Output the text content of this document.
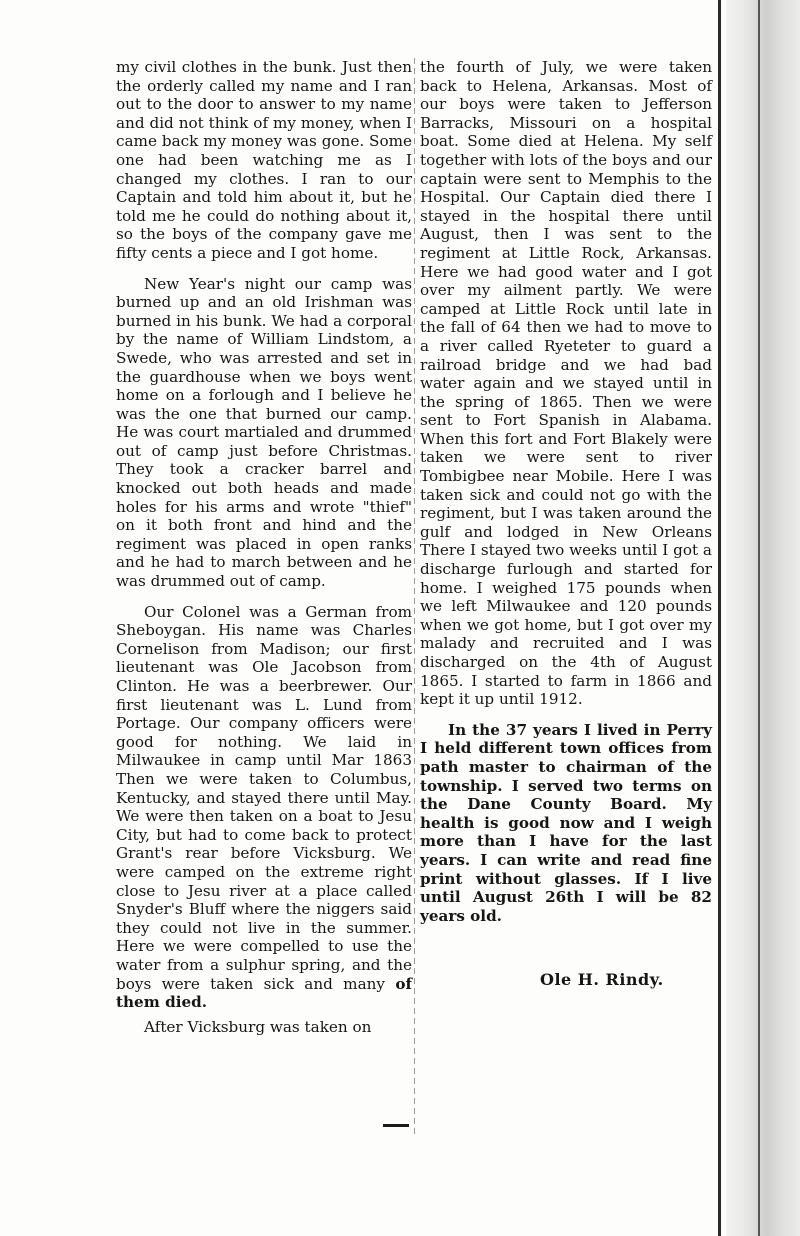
my civil clothes in the bunk. Just then the orderly called my name and I ran out to the door to answer to my name and did not think of my money, when I came back my money was gone. Some one had been watching me as I changed my clothes. I ran to our Captain and told him about it, but he told me he could do nothing about it, so the boys of the company gave me fifty cents a piece and I got home.

New Year's night our camp was burned up and an old Irishman was burned in his bunk. We had a corporal by the name of William Lindstom, a Swede, who was arrested and set in the guardhouse when we boys went home on a forlough and I believe he was the one that burned our camp. He was court martialed and drummed out of camp just before Christmas. They took a cracker barrel and knocked out both heads and made holes for his arms and wrote "thief" on it both front and hind and the regiment was placed in open ranks and he had to march between and he was drummed out of camp.

Our Colonel was a German from Sheboygan. His name was Charles Cornelison from Madison; our first lieutenant was Ole Jacobson from Clinton. He was a beerbrewer. Our first lieutenant was L. Lund from Portage. Our company officers were good for nothing. We laid in Milwaukee in camp until Mar 1863 Then we were taken to Columbus, Kentucky, and stayed there until May. We were then taken on a boat to Jesu City, but had to come back to protect Grant's rear before Vicksburg. We were camped on the extreme right close to Jesu river at a place called Snyder's Bluff where the niggers said they could not live in the summer. Here we were compelled to use the water from a sulphur spring, and the boys were taken sick and many of them died.

After Vicksburg was taken on

the fourth of July, we were taken back to Helena, Arkansas. Most of our boys were taken to Jefferson Barracks, Missouri on a hospital boat. Some died at Helena. My self together with lots of the boys and our captain were sent to Memphis to the Hospital. Our Captain died there I stayed in the hospital there until August, then I was sent to the regiment at Little Rock, Arkansas. Here we had good water and I got over my ailment partly. We were camped at Little Rock until late in the fall of 64 then we had to move to a river called Ryeteter to guard a railroad bridge and we had bad water again and we stayed until in the spring of 1865. Then we were sent to Fort Spanish in Alabama. When this fort and Fort Blakely were taken we were sent to river Tombigbee near Mobile. Here I was taken sick and could not go with the regiment, but I was taken around the gulf and lodged in New Orleans There I stayed two weeks until I got a discharge furlough and started for home. I weighed 175 pounds when we left Milwaukee and 120 pounds when we got home, but I got over my malady and recruited and I was discharged on the 4th of August 1865. I started to farm in 1866 and kept it up until 1912.

In the 37 years I lived in Perry I held different town offices from path master to chairman of the township. I served two terms on the Dane County Board. My health is good now and I weigh more than I have for the last years. I can write and read fine print without glasses. If I live until August 26th I will be 82 years old.

Ole H. Rindy.
